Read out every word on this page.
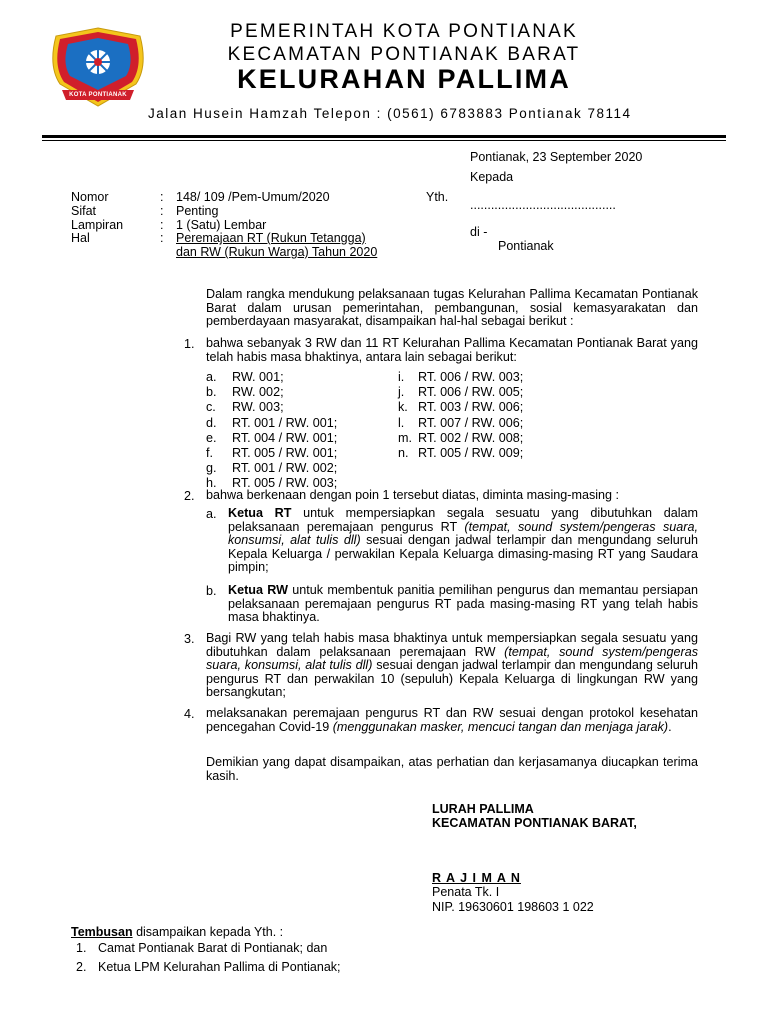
KOTA PONTIANAK
PEMERINTAH KOTA PONTIANAK
KECAMATAN PONTIANAK BARAT
KELURAHAN PALLIMA
Jalan Husein Hamzah Telepon : (0561) 6783883 Pontianak 78114
Pontianak, 23 September 2020
Kepada
Yth.
..........................................
di -
Pontianak
Nomor	: 148/ 109 /Pem-Umum/2020
Sifat	: Penting
Lampiran	: 1 (Satu) Lembar
Hal	: Peremajaan RT (Rukun Tetangga)
dan RW (Rukun Warga) Tahun 2020
Dalam rangka mendukung pelaksanaan tugas Kelurahan Pallima Kecamatan Pontianak Barat dalam urusan pemerintahan, pembangunan, sosial kemasyarakatan dan pemberdayaan masyarakat, disampaikan hal-hal sebagai berikut :
1. bahwa sebanyak 3 RW dan 11 RT Kelurahan Pallima Kecamatan Pontianak Barat yang telah habis masa bhaktinya, antara lain sebagai berikut:
a. RW. 001;
b. RW. 002;
c. RW. 003;
d. RT. 001 / RW. 001;
e. RT. 004 / RW. 001;
f. RT. 005 / RW. 001;
g. RT. 001 / RW. 002;
h. RT. 005 / RW. 003;
i. RT. 006 / RW. 003;
j. RT. 006 / RW. 005;
k. RT. 003 / RW. 006;
l. RT. 007 / RW. 006;
m. RT. 002 / RW. 008;
n. RT. 005 / RW. 009;
2. bahwa berkenaan dengan poin 1 tersebut diatas, diminta masing-masing :
a. Ketua RT untuk mempersiapkan segala sesuatu yang dibutuhkan dalam pelaksanaan peremajaan pengurus RT (tempat, sound system/pengeras suara, konsumsi, alat tulis dll) sesuai dengan jadwal terlampir dan mengundang seluruh Kepala Keluarga / perwakilan Kepala Keluarga dimasing-masing RT yang Saudara pimpin;
b. Ketua RW untuk membentuk panitia pemilihan pengurus dan memantau persiapan pelaksanaan peremajaan pengurus RT pada masing-masing RT yang telah habis masa bhaktinya.
3. Bagi RW yang telah habis masa bhaktinya untuk mempersiapkan segala sesuatu yang dibutuhkan dalam pelaksanaan peremajaan RW (tempat, sound system/pengeras suara, konsumsi, alat tulis dll) sesuai dengan jadwal terlampir dan mengundang seluruh pengurus RT dan perwakilan 10 (sepuluh) Kepala Keluarga di lingkungan RW yang bersangkutan;
4. melaksanakan peremajaan pengurus RT dan RW sesuai dengan protokol kesehatan pencegahan Covid-19 (menggunakan masker, mencuci tangan dan menjaga jarak).
Demikian yang dapat disampaikan, atas perhatian dan kerjasamanya diucapkan terima kasih.
LURAH PALLIMA
KECAMATAN PONTIANAK BARAT,
R A J I M A N
Penata Tk. I
NIP. 19630601 198603 1 022
Tembusan disampaikan kepada Yth. :
1. Camat Pontianak Barat di Pontianak; dan
2. Ketua LPM Kelurahan Pallima di Pontianak;
